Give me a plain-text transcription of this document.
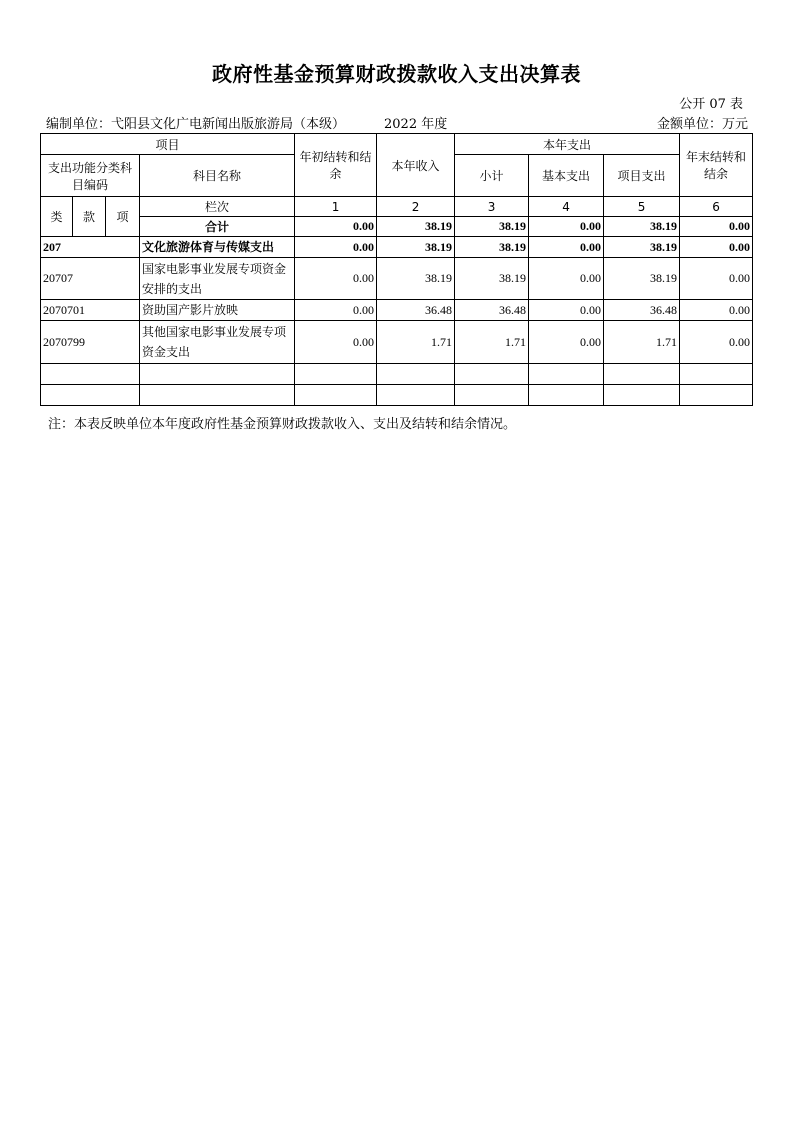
政府性基金预算财政拨款收入支出决算表
公开 07 表
编制单位：弋阳县文化广电新闻出版旅游局（本级）	2022 年度	金额单位：万元
项目				年初结转和结余	本年收入	本年支出			年末结转和结余
支出功能分类科目编码			科目名称			小计	基本支出	项目支出	

类	款	项	栏次	1	2	3	4	5	6
			合计	0.00	38.19	38.19	0.00	38.19	0.00
207			文化旅游体育与传媒支出	0.00	38.19	38.19	0.00	38.19	0.00
20707			国家电影事业发展专项资金安排的支出	0.00	38.19	38.19	0.00	38.19	0.00
2070701			资助国产影片放映	0.00	36.48	36.48	0.00	36.48	0.00
2070799			其他国家电影事业发展专项资金支出	0.00	1.71	1.71	0.00	1.71	0.00

注：本表反映单位本年度政府性基金预算财政拨款收入、支出及结转和结余情况。
